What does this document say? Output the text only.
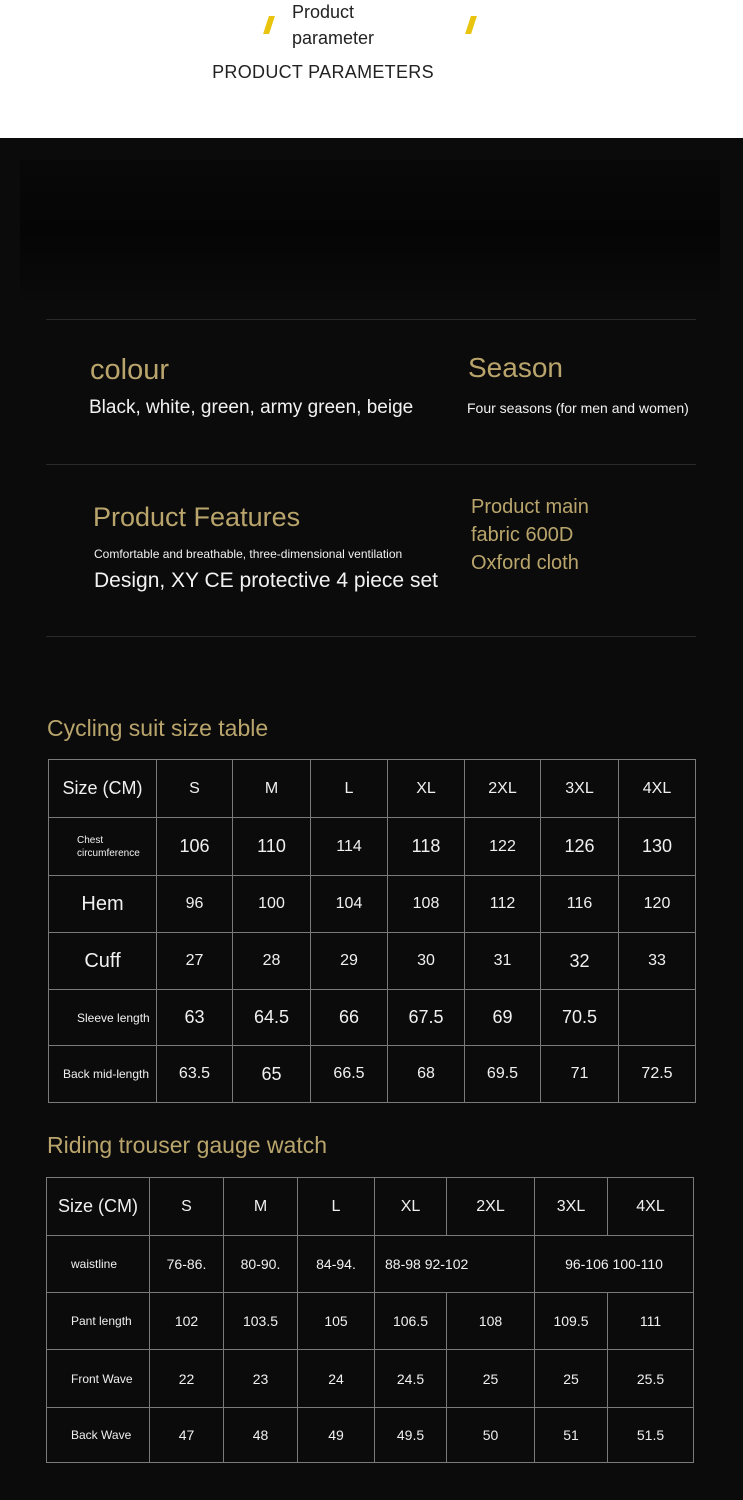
Product parameter
PRODUCT PARAMETERS
colour
Black, white, green, army green, beige
Season
Four seasons (for men and women)
Product Features
Comfortable and breathable, three-dimensional ventilation
Design, XY CE protective 4 piece set
Product main
fabric 600D
Oxford cloth
Cycling suit size table
Size (CM)	S	M	L	XL	2XL	3XL	4XL
Chest circumference	106	110	114	118	122	126	130
Hem	96	100	104	108	112	116	120
Cuff	27	28	29	30	31	32	33
Sleeve length	63	64.5	66	67.5	69	70.5	
Back mid-length	63.5	65	66.5	68	69.5	71	72.5
Riding trouser gauge watch
Size (CM)	S	M	L	XL	2XL	3XL	4XL
waistline	76-86.	80-90.	84-94.	88-98 92-102		96-106 100-110	
Pant length	102	103.5	105	106.5	108	109.5	111
Front Wave	22	23	24	24.5	25	25	25.5
Back Wave	47	48	49	49.5	50	51	51.5
